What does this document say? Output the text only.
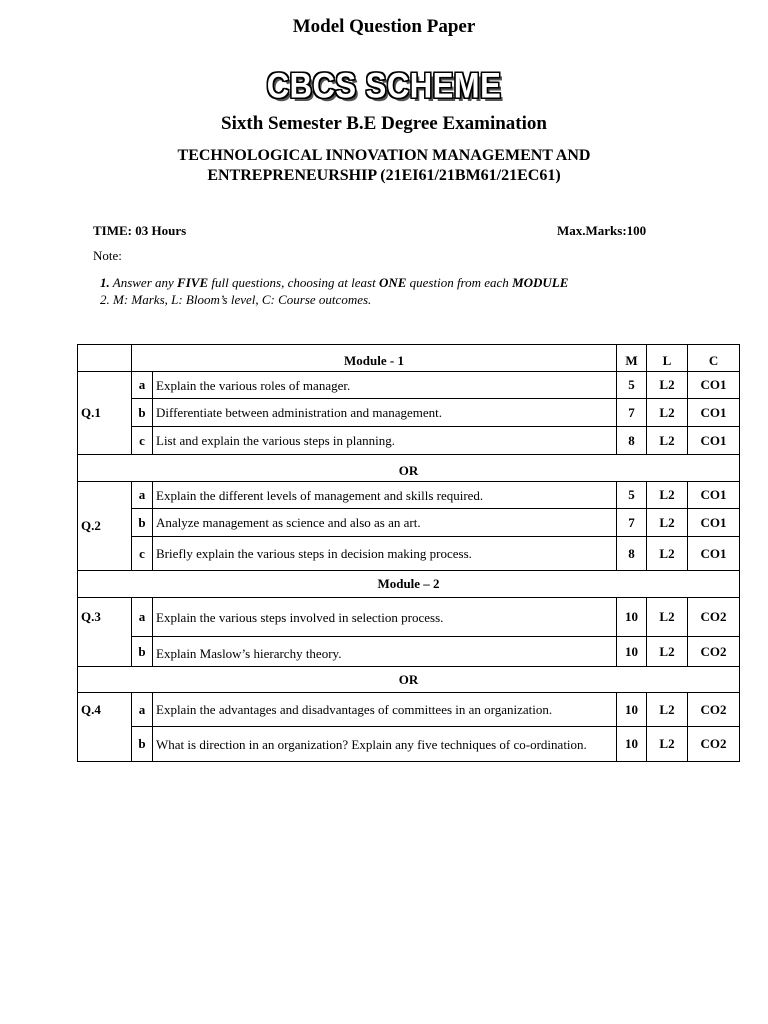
Model Question Paper
CBCS SCHEME
Sixth Semester B.E Degree Examination
TECHNOLOGICAL INNOVATION MANAGEMENT AND
ENTREPRENEURSHIP (21EI61/21BM61/21EC61)
TIME: 03 Hours	Max.Marks:100
Note:
1. Answer any FIVE full questions, choosing at least ONE question from each MODULE
2. M: Marks, L: Bloom’s level, C: Course outcomes.
	Module - 1		M	L	C
Q.1	a	Explain the various roles of manager.	5	L2	CO1
	b	Differentiate between administration and management.	7	L2	CO1
	c	List and explain the various steps in planning.	8	L2	CO1
OR					
Q.2	a	Explain the different levels of management and skills required.	5	L2	CO1
	b	Analyze management as science and also as an art.	7	L2	CO1
	c	Briefly explain the various steps in decision making process.	8	L2	CO1
Module – 2					
Q.3	a	Explain the various steps involved in selection process.	10	L2	CO2
	b	Explain Maslow’s hierarchy theory.	10	L2	CO2
OR					
Q.4	a	Explain the advantages and disadvantages of committees in an organization.	10	L2	CO2
	b	What is direction in an organization? Explain any five techniques of co-ordination.	10	L2	CO2
